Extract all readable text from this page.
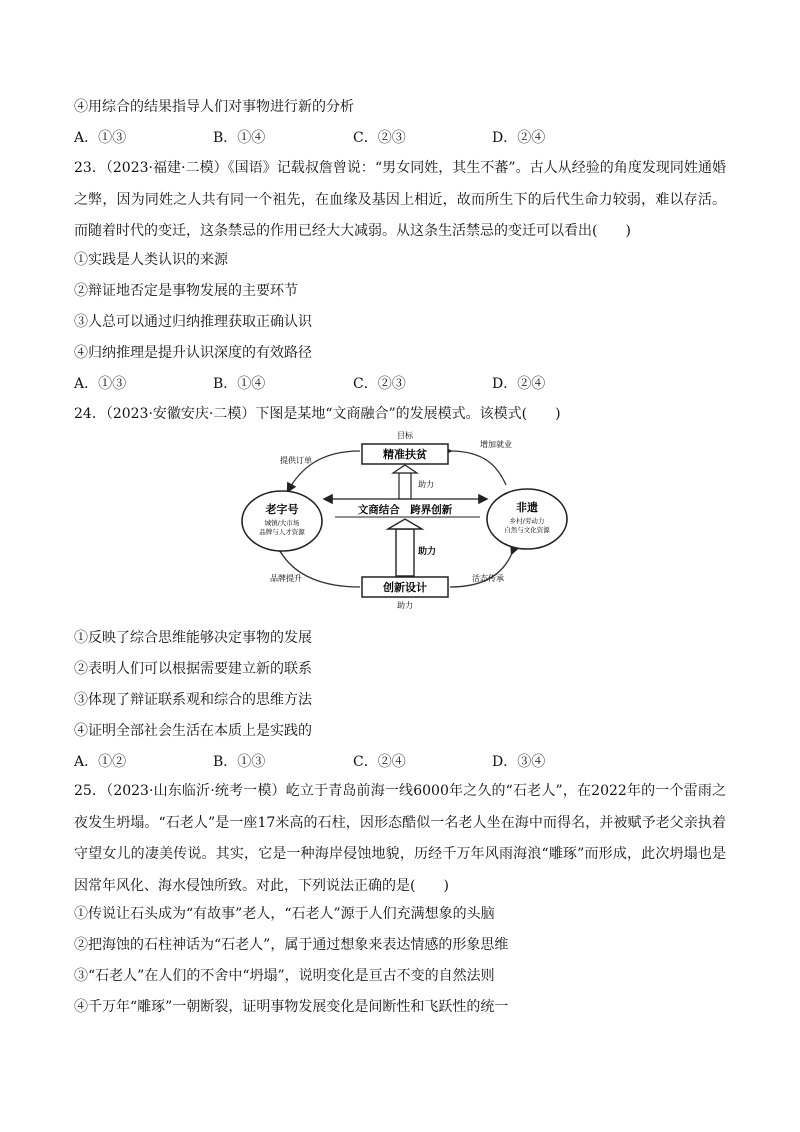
④用综合的结果指导人们对事物进行新的分析
A．①③	B．①④	C．②③	D．②④
23．（2023·福建·二模）《国语》记载叔詹曾说：“男女同姓，其生不蕃”。古人从经验的角度发现同姓通婚之弊，因为同姓之人共有同一个祖先，在血缘及基因上相近，故而所生下的后代生命力较弱，难以存活。而随着时代的变迁，这条禁忌的作用已经大大减弱。从这条生活禁忌的变迁可以看出(　　)
①实践是人类认识的来源
②辩证地否定是事物发展的主要环节
③人总可以通过归纳推理获取正确认识
④归纳推理是提升认识深度的有效路径
A．①③	B．①④	C．②③	D．②④
24．（2023·安徽安庆·二模）下图是某地“文商融合”的发展模式。该模式(　　)
精准扶贫
目标
创新设计
助力
助力
助力
文商结合　跨界创新
老字号
城镇/大市场
品牌与人才资源
非遗
乡村/劳动力
自然与文化资源
提供订单
增加就业
品牌提升	活态传承
①反映了综合思维能够决定事物的发展
②表明人们可以根据需要建立新的联系
③体现了辩证联系观和综合的思维方法
④证明全部社会生活在本质上是实践的
A．①②	B．①③	C．②④	D．③④
25．（2023·山东临沂·统考一模）屹立于青岛前海一线6000年之久的“石老人”，在2022年的一个雷雨之夜发生坍塌。“石老人”是一座17米高的石柱，因形态酷似一名老人坐在海中而得名，并被赋予老父亲执着守望女儿的凄美传说。其实，它是一种海岸侵蚀地貌，历经千万年风雨海浪“雕琢”而形成，此次坍塌也是因常年风化、海水侵蚀所致。对此，下列说法正确的是(　　)
①传说让石头成为“有故事”老人，“石老人”源于人们充满想象的头脑
②把海蚀的石柱神话为“石老人”，属于通过想象来表达情感的形象思维
③“石老人”在人们的不舍中“坍塌”，说明变化是亘古不变的自然法则
④千万年“雕琢”一朝断裂，证明事物发展变化是间断性和飞跃性的统一
